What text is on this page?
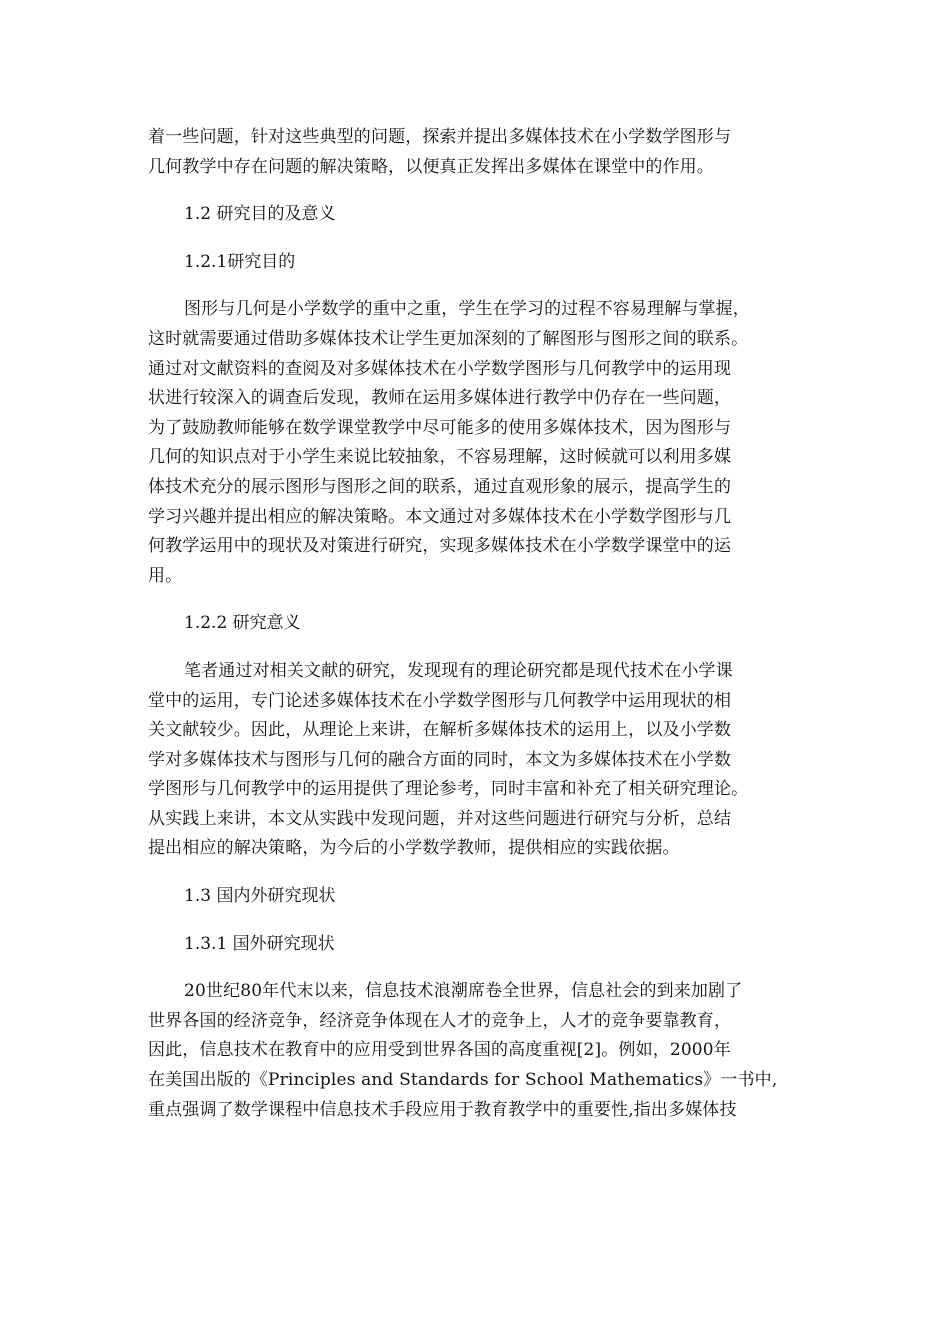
着一些问题，针对这些典型的问题，探索并提出多媒体技术在小学数学图形与
几何教学中存在问题的解决策略，以便真正发挥出多媒体在课堂中的作用。
1.2 研究目的及意义
1.2.1研究目的
图形与几何是小学数学的重中之重，学生在学习的过程不容易理解与掌握，
这时就需要通过借助多媒体技术让学生更加深刻的了解图形与图形之间的联系。
通过对文献资料的查阅及对多媒体技术在小学数学图形与几何教学中的运用现
状进行较深入的调查后发现，教师在运用多媒体进行教学中仍存在一些问题，
为了鼓励教师能够在数学课堂教学中尽可能多的使用多媒体技术，因为图形与
几何的知识点对于小学生来说比较抽象，不容易理解，这时候就可以利用多媒
体技术充分的展示图形与图形之间的联系，通过直观形象的展示，提高学生的
学习兴趣并提出相应的解决策略。本文通过对多媒体技术在小学数学图形与几
何教学运用中的现状及对策进行研究，实现多媒体技术在小学数学课堂中的运
用。
1.2.2 研究意义
笔者通过对相关文献的研究，发现现有的理论研究都是现代技术在小学课
堂中的运用，专门论述多媒体技术在小学数学图形与几何教学中运用现状的相
关文献较少。因此，从理论上来讲，在解析多媒体技术的运用上，以及小学数
学对多媒体技术与图形与几何的融合方面的同时，本文为多媒体技术在小学数
学图形与几何教学中的运用提供了理论参考，同时丰富和补充了相关研究理论。
从实践上来讲，本文从实践中发现问题，并对这些问题进行研究与分析，总结
提出相应的解决策略，为今后的小学数学教师，提供相应的实践依据。
1.3 国内外研究现状
1.3.1 国外研究现状
20世纪80年代末以来，信息技术浪潮席卷全世界，信息社会的到来加剧了
世界各国的经济竞争，经济竞争体现在人才的竞争上，人才的竞争要靠教育，
因此，信息技术在教育中的应用受到世界各国的高度重视[2]。例如，2000年
在美国出版的《Principles and Standards for School Mathematics》一书中,
重点强调了数学课程中信息技术手段应用于教育教学中的重要性,指出多媒体技
